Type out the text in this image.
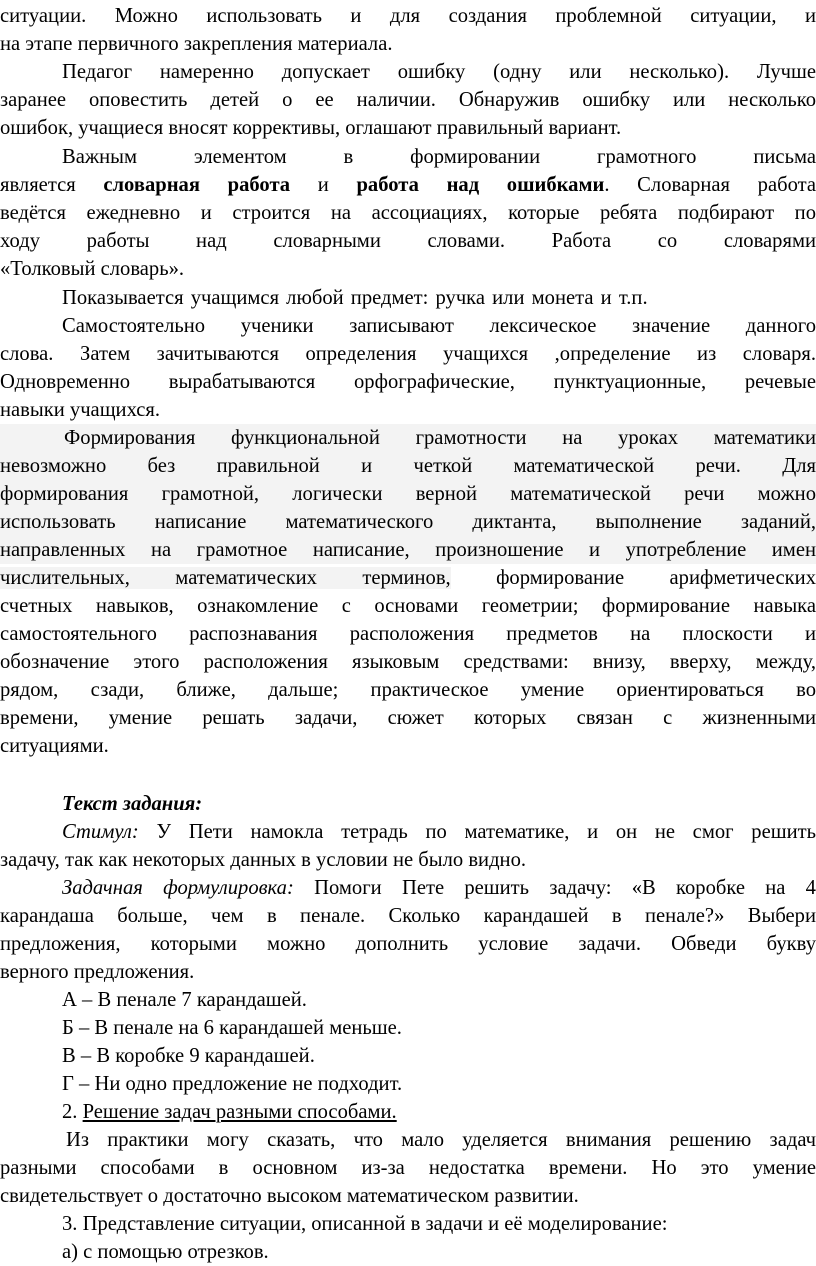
ситуации. Можно использовать и для создания проблемной ситуации, и
на этапе первичного закрепления материала.
Педагог намеренно допускает ошибку (одну или несколько). Лучше
заранее оповестить детей о ее наличии. Обнаружив ошибку или несколько
ошибок, учащиеся вносят коррективы, оглашают правильный вариант.
Важным элементом в формировании грамотного письма
является словарная работа и работа над ошибками. Словарная работа
ведётся ежедневно и строится на ассоциациях, которые ребята подбирают по
ходу работы над словарными словами. Работа со словарями
«Толковый словарь».
Показывается учащимся любой предмет: ручка или монета и т.п.
Самостоятельно ученики записывают лексическое значение данного
слова. Затем зачитываются определения учащихся ,определение из словаря.
Одновременно вырабатываются орфографические, пунктуационные, речевые
навыки учащихся.
Формирования функциональной грамотности на уроках математики
невозможно без правильной и четкой математической речи. Для
формирования грамотной, логически верной математической речи можно
использовать написание математического диктанта, выполнение заданий,
направленных на грамотное написание, произношение и употребление имен
числительных, математических терминов, формирование арифметических
счетных навыков, ознакомление с основами геометрии; формирование навыка
самостоятельного распознавания расположения предметов на плоскости и
обозначение этого расположения языковым средствами: внизу, вверху, между,
рядом, сзади, ближе, дальше; практическое умение ориентироваться во
времени, умение решать задачи, сюжет которых связан с жизненными
ситуациями.
Текст задания:
Стимул: У Пети намокла тетрадь по математике, и он не смог решить
задачу, так как некоторых данных в условии не было видно.
Задачная формулировка: Помоги Пете решить задачу: «В коробке на 4
карандаша больше, чем в пенале. Сколько карандашей в пенале?» Выбери
предложения, которыми можно дополнить условие задачи. Обведи букву
верного предложения.
А – В пенале 7 карандашей.
Б – В пенале на 6 карандашей меньше.
В – В коробке 9 карандашей.
Г – Ни одно предложение не подходит.
2. Решение задач разными способами.
Из практики могу сказать, что мало уделяется внимания решению задач
разными способами в основном из-за недостатка времени. Но это умение
свидетельствует о достаточно высоком математическом развитии.
3. Представление ситуации, описанной в задачи и её моделирование:
а) с помощью отрезков.
